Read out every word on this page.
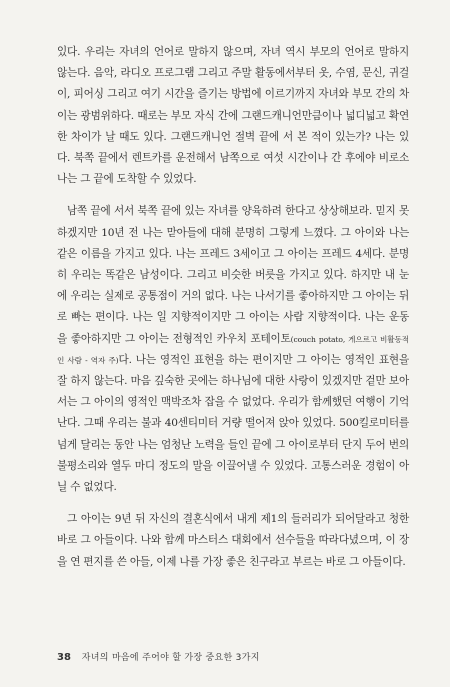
있다. 우리는 자녀의 언어로 말하지 않으며, 자녀 역시 부모의 언어로 말하지 않는다. 음악, 라디오 프로그램 그리고 주말 활동에서부터 옷, 수염, 문신, 귀걸이, 피어싱 그리고 여기 시간을 즐기는 방법에 이르기까지 자녀와 부모 간의 차이는 광범위하다. 때로는 부모 자식 간에 그랜드캐니언만큼이나 넓디넓고 확연한 차이가 날 때도 있다. 그랜드캐니언 절벽 끝에 서 본 적이 있는가? 나는 있다. 북쪽 끝에서 렌트카를 운전해서 남쪽으로 여섯 시간이나 간 후에야 비로소 나는 그 끝에 도착할 수 있었다.

남쪽 끝에 서서 북쪽 끝에 있는 자녀를 양육하려 한다고 상상해보라. 믿지 못하겠지만 10년 전 나는 맏아들에 대해 분명히 그렇게 느꼈다. 그 아이와 나는 같은 이름을 가지고 있다. 나는 프레드 3세이고 그 아이는 프레드 4세다. 분명히 우리는 똑같은 남성이다. 그리고 비슷한 버릇을 가지고 있다. 하지만 내 눈에 우리는 실제로 공통점이 거의 없다. 나는 나서기를 좋아하지만 그 아이는 뒤로 빠는 편이다. 나는 일 지향적이지만 그 아이는 사람 지향적이다. 나는 운동을 좋아하지만 그 아이는 전형적인 카우치 포테이토(couch potato, 게으르고 비활동적인 사람 - 역자 주)다. 나는 영적인 표현을 하는 편이지만 그 아이는 영적인 표현을 잘 하지 않는다. 마음 깊숙한 곳에는 하나님에 대한 사랑이 있겠지만 겉만 보아서는 그 아이의 영적인 맥박조차 잡을 수 없었다. 우리가 함께했던 여행이 기억난다. 그때 우리는 불과 40센티미터 거량 떨어져 앉아 있었다. 500킬로미터를 넘게 달리는 동안 나는 엄청난 노력을 들인 끝에 그 아이로부터 단지 두어 번의 불평소리와 열두 마디 정도의 말을 이끌어낼 수 있었다. 고통스러운 경험이 아닐 수 없었다.

그 아이는 9년 뒤 자신의 결혼식에서 내게 제1의 들러리가 되어달라고 청한 바로 그 아들이다. 나와 함께 마스터스 대회에서 선수들을 따라다녔으며, 이 장을 연 편지를 쓴 아들, 이제 나를 가장 좋은 친구라고 부르는 바로 그 아들이다.

38 자녀의 마음에 주어야 할 가장 중요한 3가지
